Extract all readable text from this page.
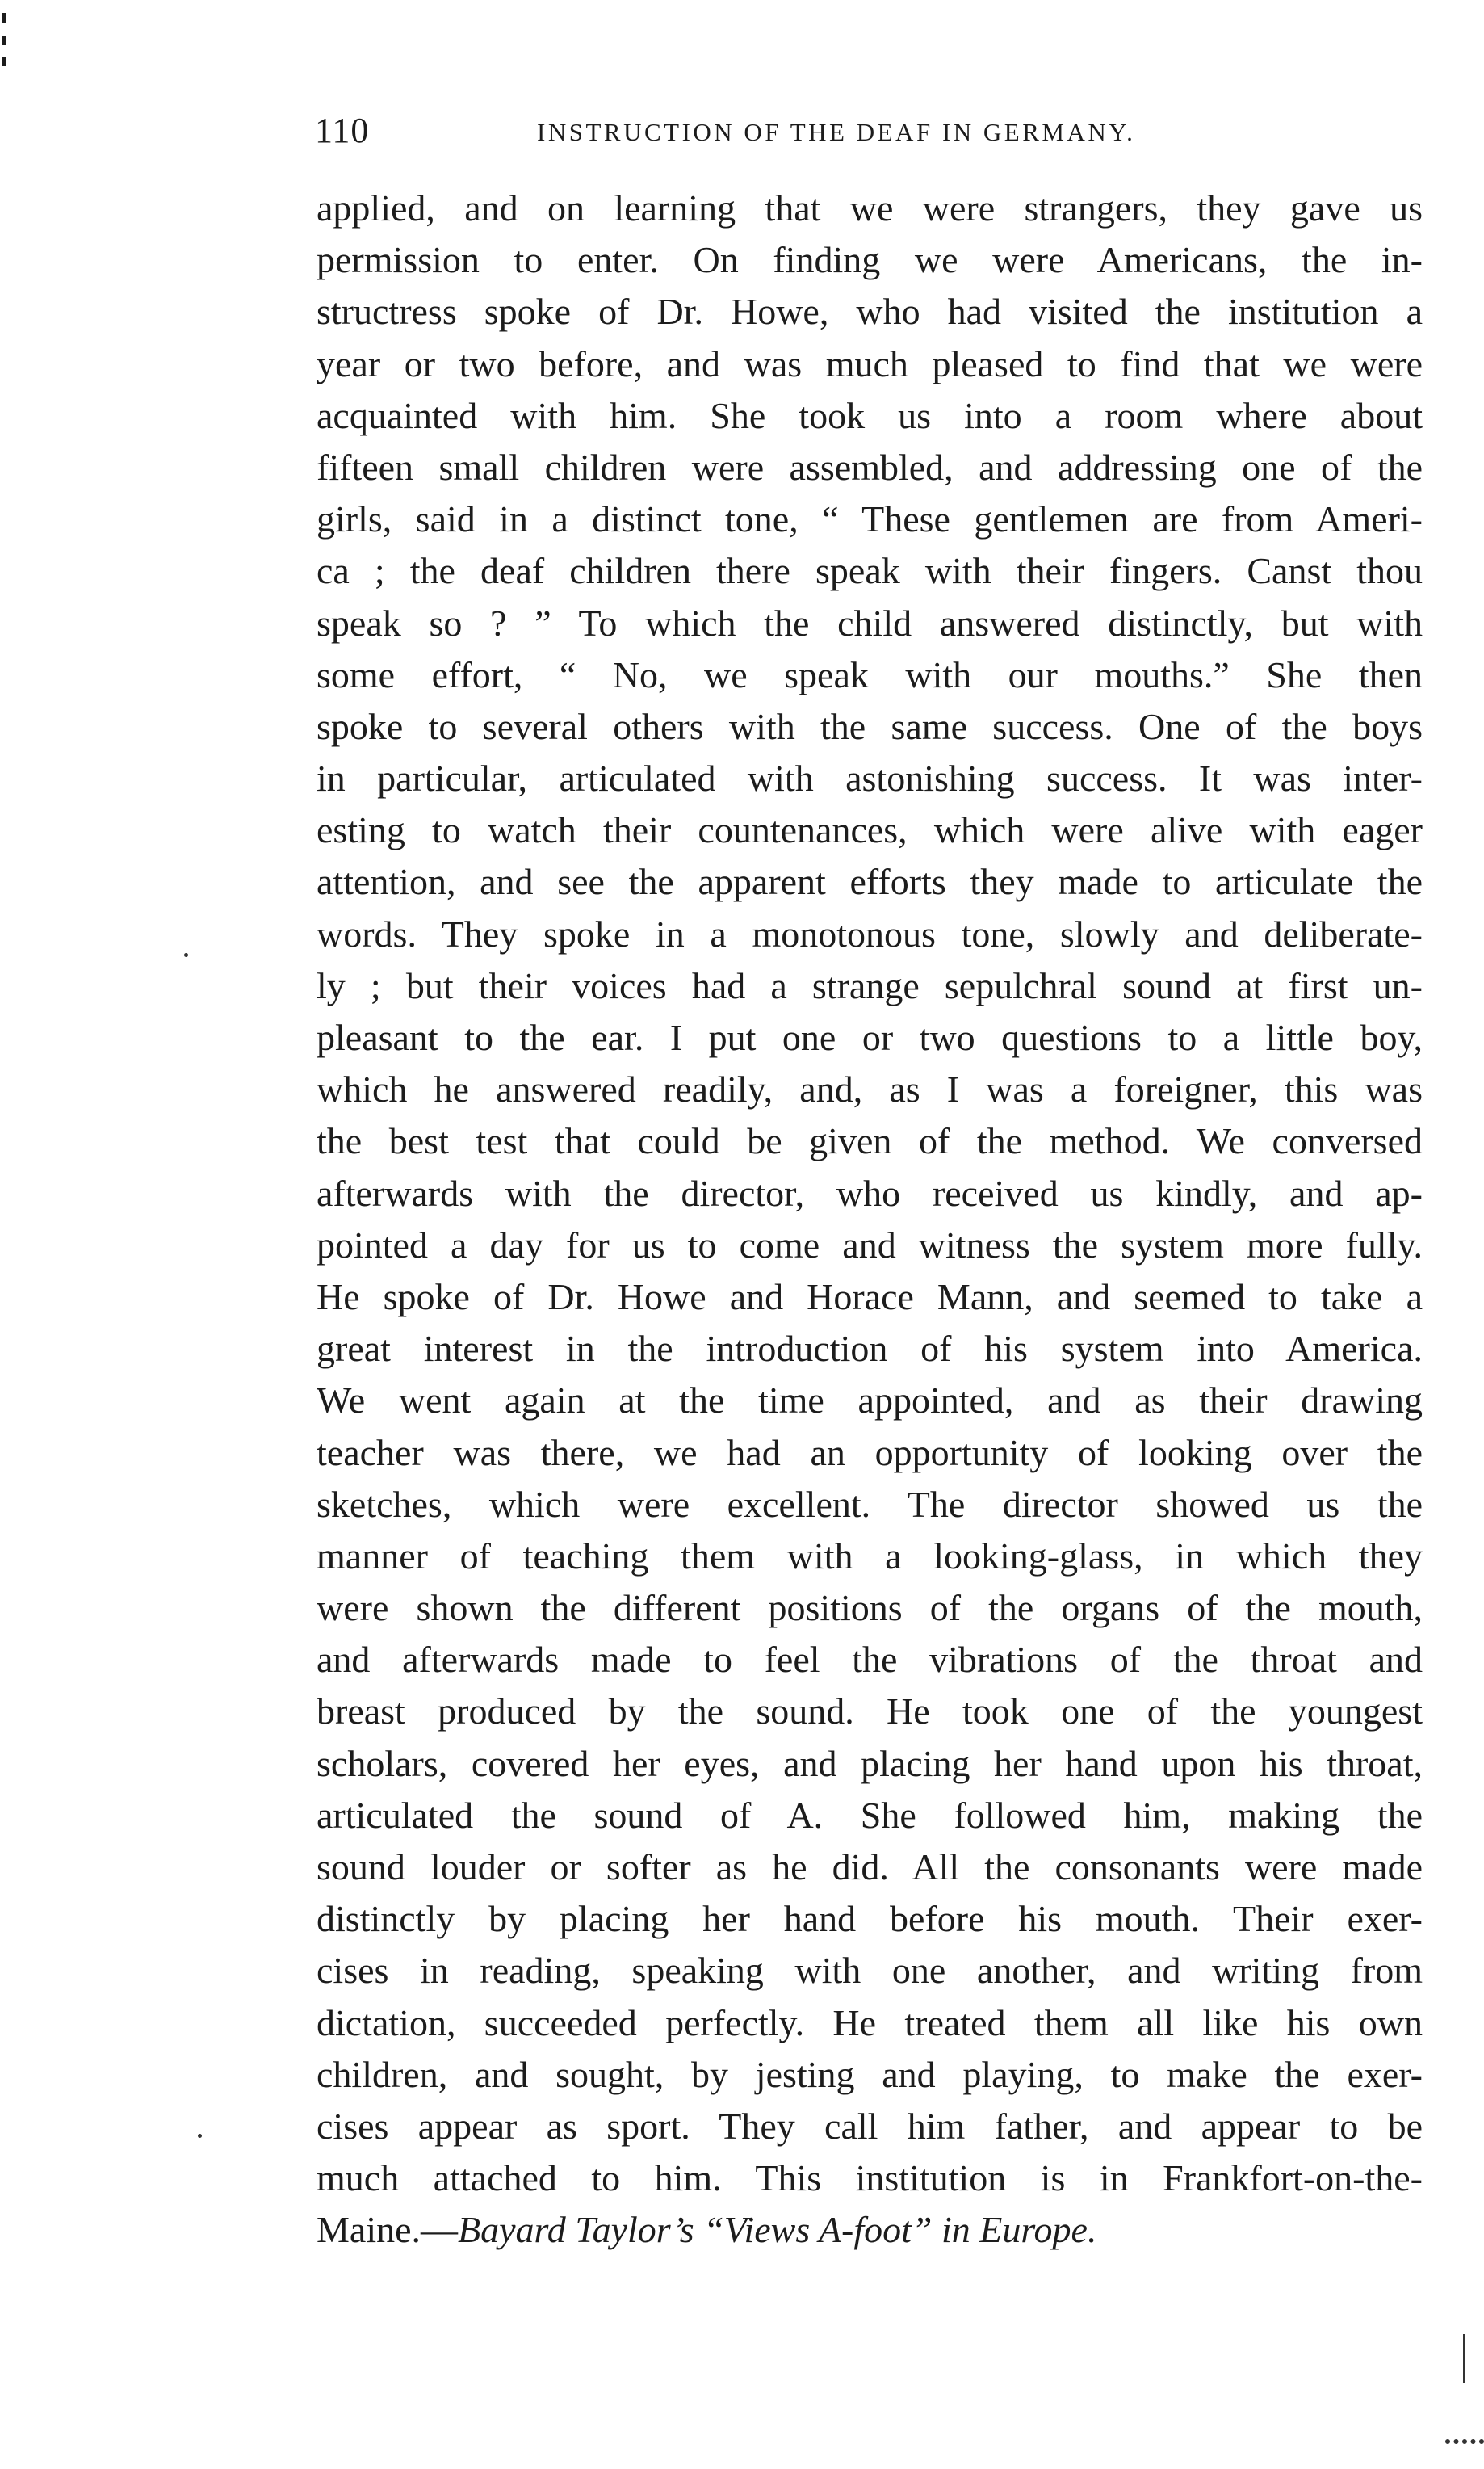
110	INSTRUCTION OF THE DEAF IN GERMANY.
applied, and on learning that we were strangers, they gave us
permission to enter. On finding we were Americans, the in-
structress spoke of Dr. Howe, who had visited the institution a
year or two before, and was much pleased to find that we were
acquainted with him. She took us into a room where about
fifteen small children were assembled, and addressing one of the
girls, said in a distinct tone, “ These gentlemen are from Ameri-
ca ; the deaf children there speak with their fingers. Canst thou
speak so ? ” To which the child answered distinctly, but with
some effort, “ No, we speak with our mouths.” She then
spoke to several others with the same success. One of the boys
in particular, articulated with astonishing success. It was inter-
esting to watch their countenances, which were alive with eager
attention, and see the apparent efforts they made to articulate the
words. They spoke in a monotonous tone, slowly and deliberate-
ly ; but their voices had a strange sepulchral sound at first un-
pleasant to the ear. I put one or two questions to a little boy,
which he answered readily, and, as I was a foreigner, this was
the best test that could be given of the method. We conversed
afterwards with the director, who received us kindly, and ap-
pointed a day for us to come and witness the system more fully.
He spoke of Dr. Howe and Horace Mann, and seemed to take a
great interest in the introduction of his system into America.
We went again at the time appointed, and as their drawing
teacher was there, we had an opportunity of looking over the
sketches, which were excellent. The director showed us the
manner of teaching them with a looking-glass, in which they
were shown the different positions of the organs of the mouth,
and afterwards made to feel the vibrations of the throat and
breast produced by the sound. He took one of the youngest
scholars, covered her eyes, and placing her hand upon his throat,
articulated the sound of A. She followed him, making the
sound louder or softer as he did. All the consonants were made
distinctly by placing her hand before his mouth. Their exer-
cises in reading, speaking with one another, and writing from
dictation, succeeded perfectly. He treated them all like his own
children, and sought, by jesting and playing, to make the exer-
cises appear as sport. They call him father, and appear to be
much attached to him. This institution is in Frankfort-on-the-
Maine.—Bayard Taylor’s “Views A-foot” in Europe.
